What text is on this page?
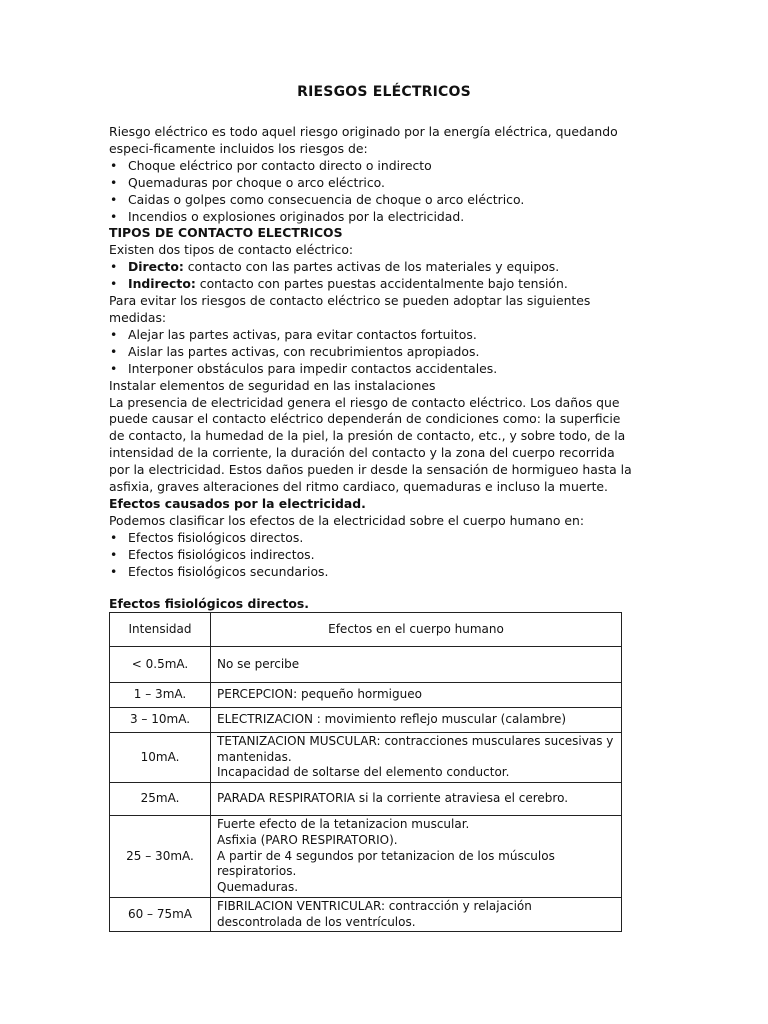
RIESGOS ELÉCTRICOS

Riesgo eléctrico es todo aquel riesgo originado por la energía eléctrica, quedando especi-ficamente incluidos los riesgos de:

• Choque eléctrico por contacto directo o indirecto
• Quemaduras por choque o arco eléctrico.
• Caidas o golpes como consecuencia de choque o arco eléctrico.
• Incendios o explosiones originados por la electricidad.

TIPOS DE CONTACTO ELECTRICOS

Existen dos tipos de contacto eléctrico:

• Directo: contacto con las partes activas de los materiales y equipos.
• Indirecto: contacto con partes puestas accidentalmente bajo tensión.

Para evitar los riesgos de contacto eléctrico se pueden adoptar las siguientes medidas:

• Alejar las partes activas, para evitar contactos fortuitos.
• Aislar las partes activas, con recubrimientos apropiados.
• Interponer obstáculos para impedir contactos accidentales.

Instalar elementos de seguridad en las instalaciones

La presencia de electricidad genera el riesgo de contacto eléctrico. Los daños que puede causar el contacto eléctrico dependerán de condiciones como: la superficie de contacto, la humedad de la piel, la presión de contacto, etc., y sobre todo, de la intensidad de la corriente, la duración del contacto y la zona del cuerpo recorrida por la electricidad. Estos daños pueden ir desde la sensación de hormigueo hasta la asfixia, graves alteraciones del ritmo cardiaco, quemaduras e incluso la muerte.

Efectos causados por la electricidad.

Podemos clasificar los efectos de la electricidad sobre el cuerpo humano en:

• Efectos fisiológicos directos.
• Efectos fisiológicos indirectos.
• Efectos fisiológicos secundarios.

Efectos fisiológicos directos.

Intensidad	Efectos en el cuerpo humano
< 0.5mA.	No se percibe
1 – 3mA.	PERCEPCION: pequeño hormigueo
3 – 10mA.	ELECTRIZACION : movimiento reflejo muscular (calambre)
10mA.	TETANIZACION MUSCULAR: contracciones musculares sucesivas y mantenidas.
Incapacidad de soltarse del elemento conductor.

25mA.	PARADA RESPIRATORIA si la corriente atraviesa el cerebro.
25 – 30mA.	Fuerte efecto de la tetanizacion muscular.
Asfixia (PARO RESPIRATORIO).
A partir de 4 segundos por tetanizacion de los músculos respiratorios.
Quemaduras.

60 – 75mA	FIBRILACION VENTRICULAR: contracción y relajación descontrolada de los ventrículos.
